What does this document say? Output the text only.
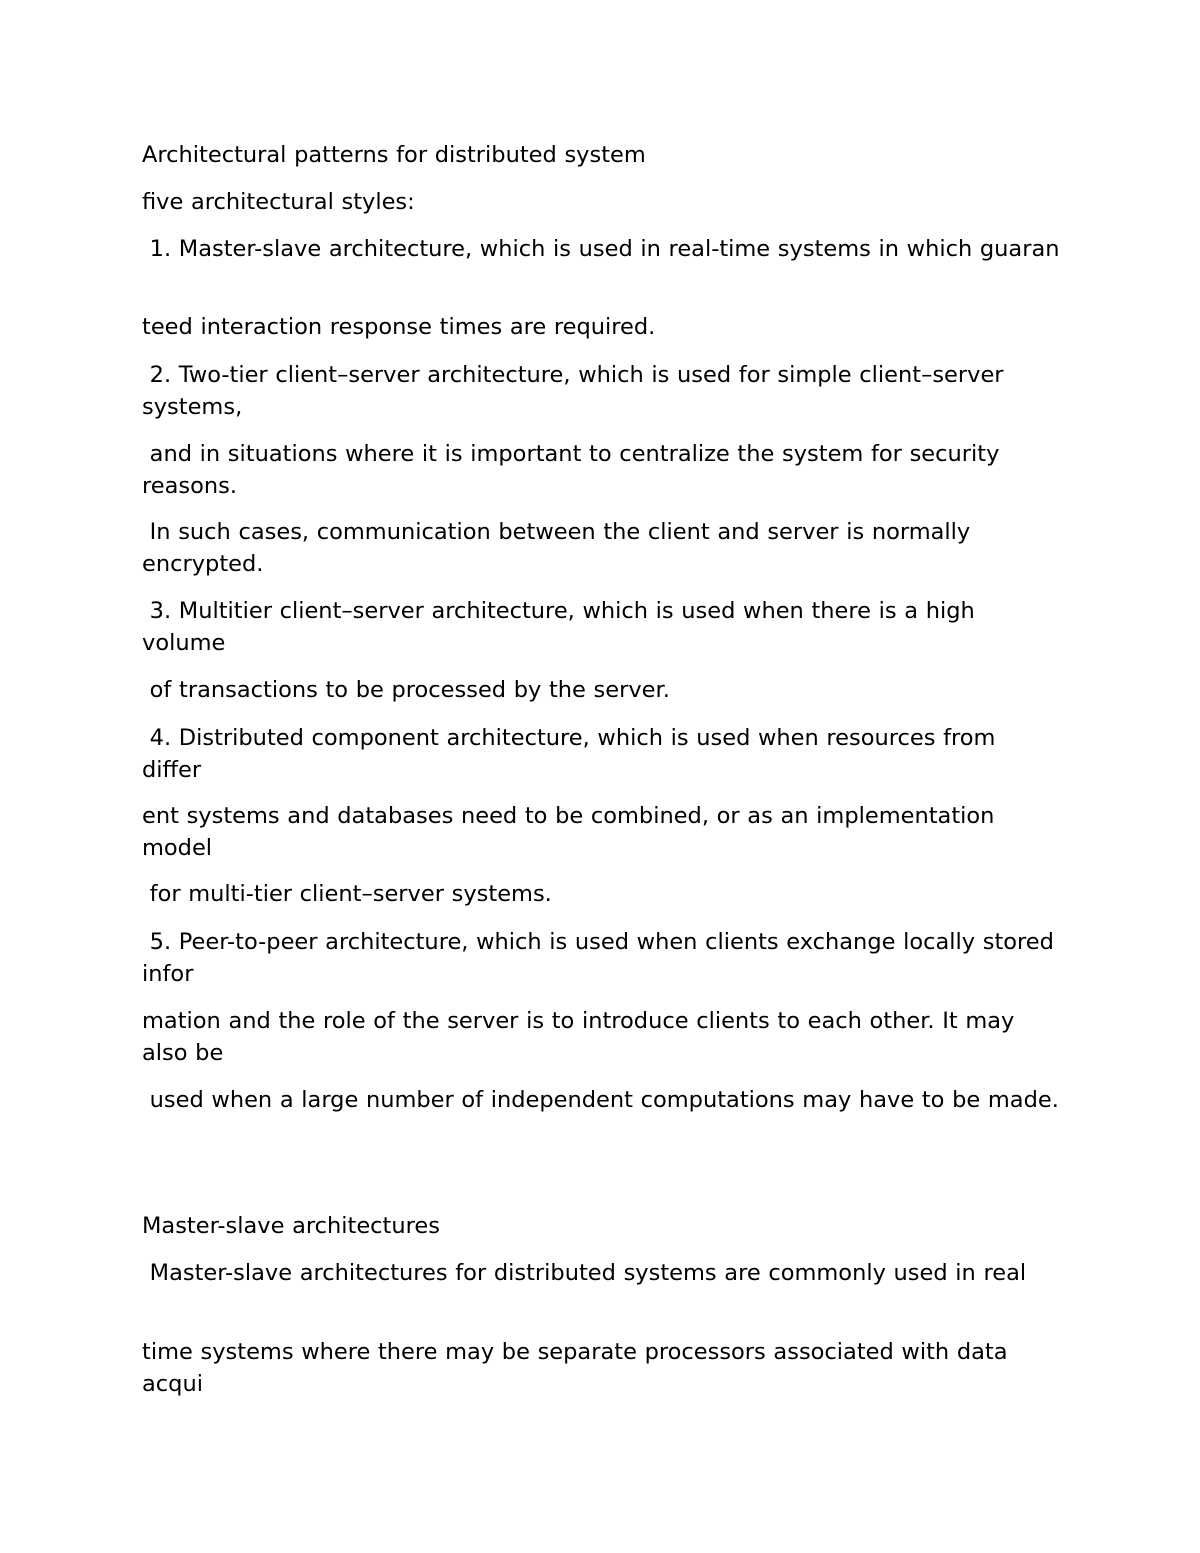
Architectural patterns for distributed system

five architectural styles:

1. Master-slave architecture, which is used in real-time systems in which guaran

teed interaction response times are required.

2. Two-tier client–server architecture, which is used for simple client–server systems,

and in situations where it is important to centralize the system for security reasons.

In such cases, communication between the client and server is normally encrypted.

3. Multitier client–server architecture, which is used when there is a high volume

of transactions to be processed by the server.

4. Distributed component architecture, which is used when resources from differ

ent systems and databases need to be combined, or as an implementation model

for multi-tier client–server systems.

5. Peer-to-peer architecture, which is used when clients exchange locally stored infor

mation and the role of the server is to introduce clients to each other. It may also be

used when a large number of independent computations may have to be made.

Master-slave architectures

Master-slave architectures for distributed systems are commonly used in real

time systems where there may be separate processors associated with data acqui
